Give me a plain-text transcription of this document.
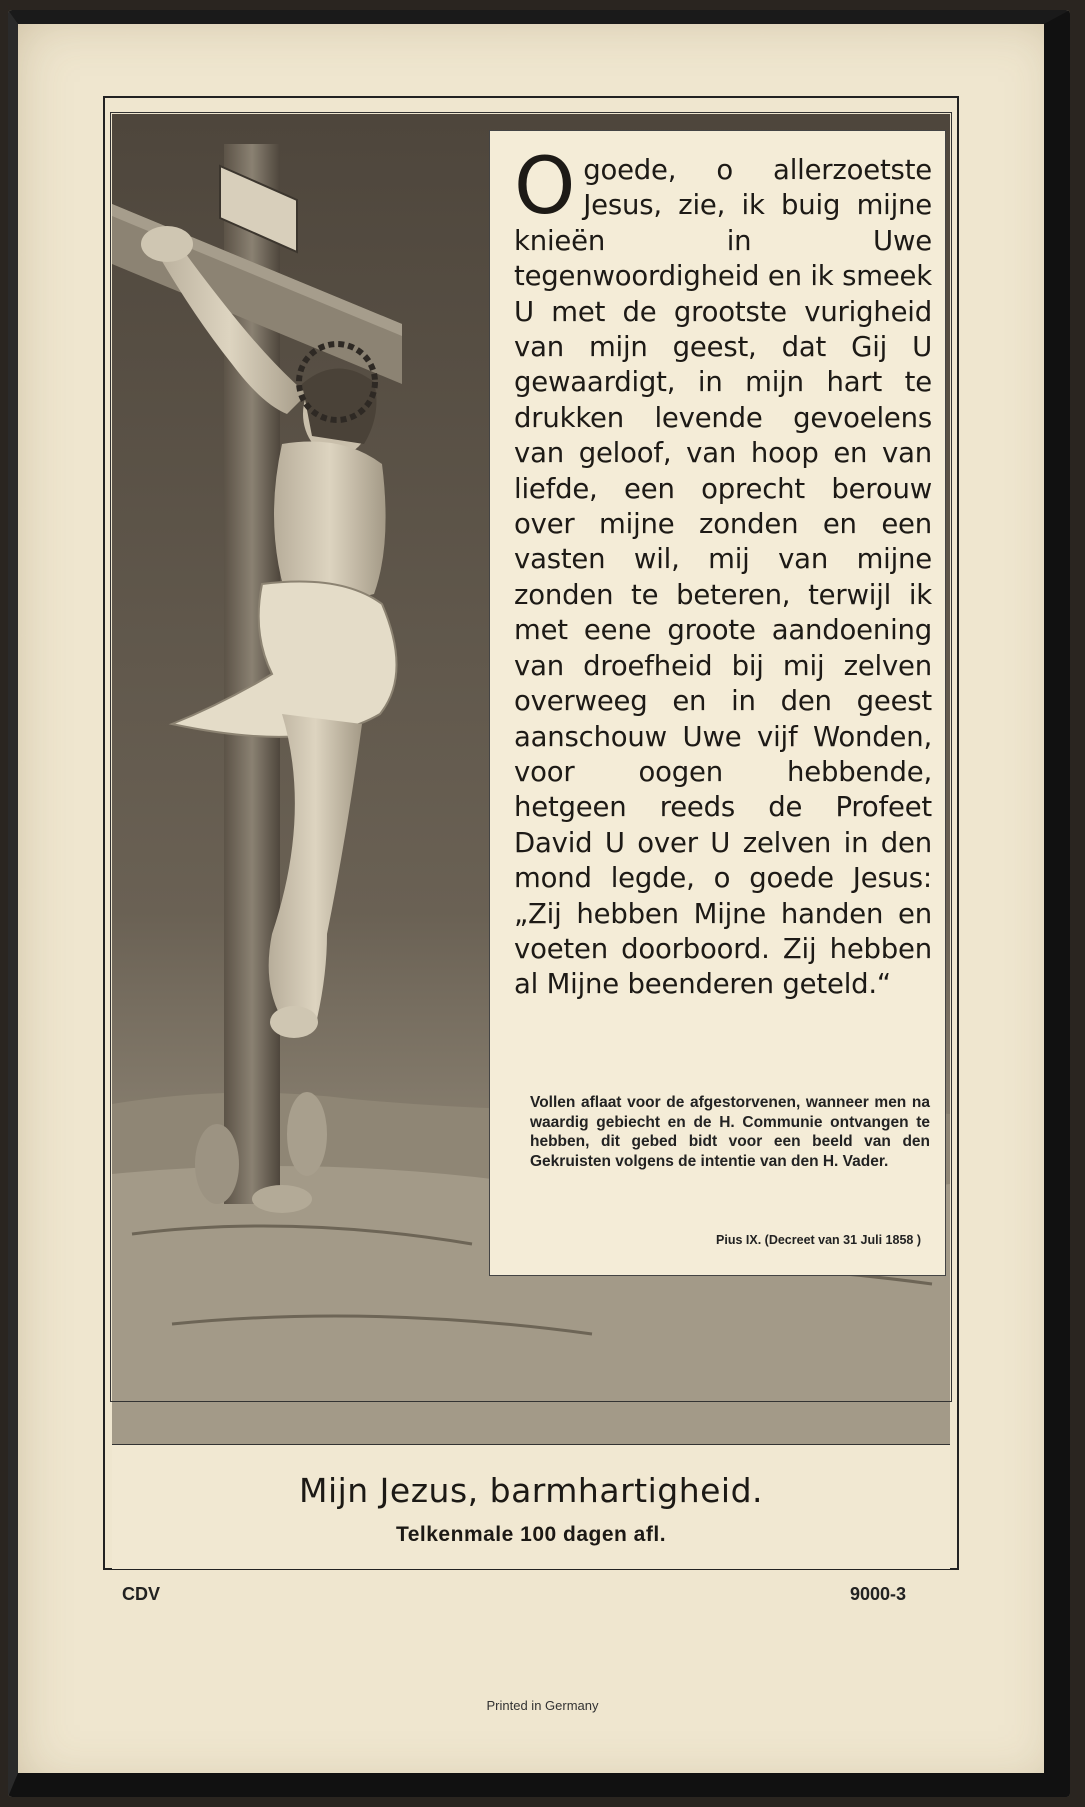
Ogoede, o allerzoetste Jesus, zie, ik buig mijne knieën in Uwe tegenwoordigheid en ik smeek U met de grootste vurigheid van mijn geest, dat Gij U gewaardigt, in mijn hart te drukken levende gevoelens van geloof, van hoop en van liefde, een oprecht berouw over mijne zonden en een vasten wil, mij van mijne zonden te beteren, terwijl ik met eene groote aandoening van droefheid bij mij zelven overweeg en in den geest aanschouw Uwe vijf Wonden, voor oogen hebbende, hetgeen reeds de Profeet David U over U zelven in den mond legde, o goede Jesus: „Zij hebben Mijne handen en voeten doorboord. Zij hebben al Mijne beenderen geteld.“
Vollen aflaat voor de afgestorvenen, wanneer men na waardig gebiecht en de H. Communie ontvangen te hebben, dit gebed bidt voor een beeld van den Gekruisten volgens de intentie van den H. Vader.
Pius IX. (Decreet van 31 Juli 1858 )
Mijn Jezus, barmhartigheid.
Telkenmale 100 dagen afl.
CDV	9000-3
Printed in Germany
